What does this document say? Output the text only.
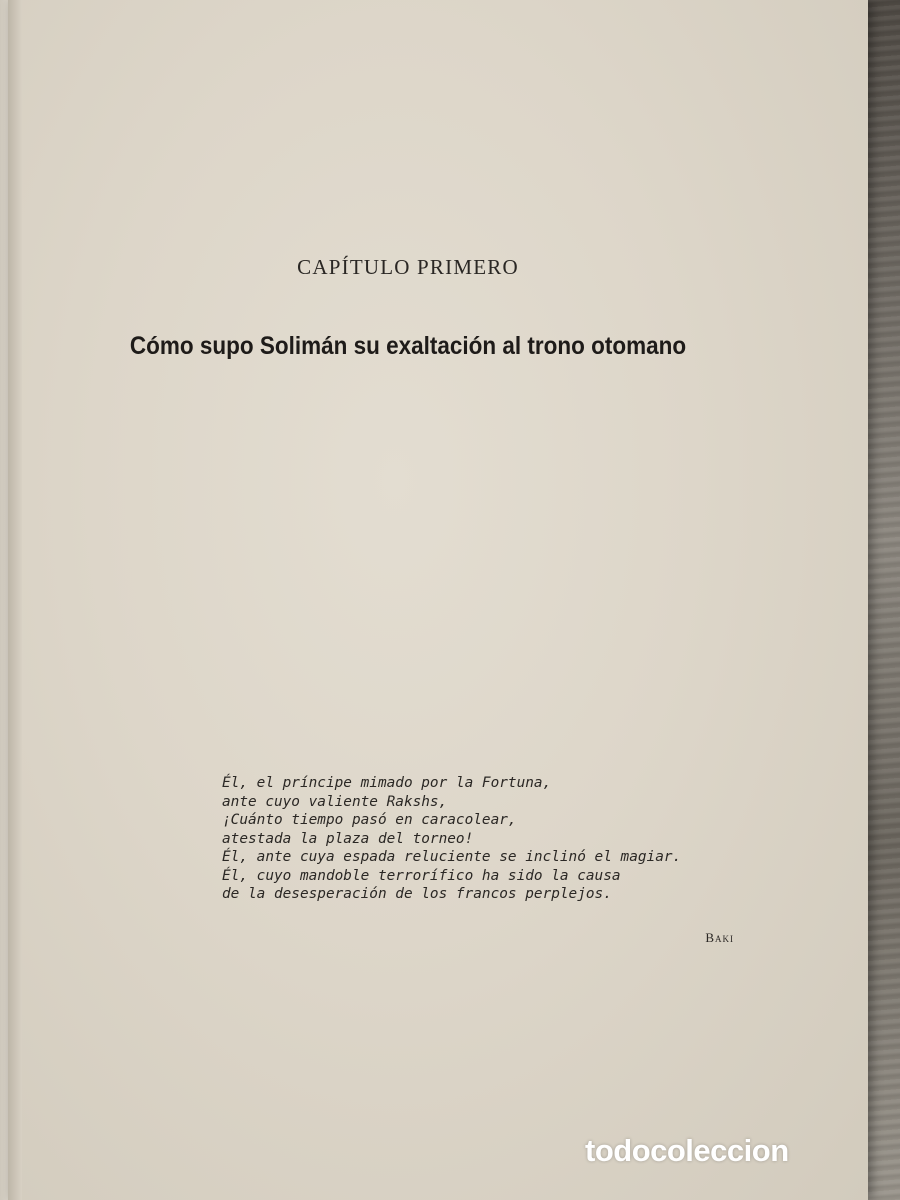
CAPÍTULO PRIMERO
Cómo supo Solimán su exaltación al trono otomano
Él, el príncipe mimado por la Fortuna,
ante cuyo valiente Rakshs,
¡Cuánto tiempo pasó en caracolear,
atestada la plaza del torneo!
Él, ante cuya espada reluciente se inclinó el magiar.
Él, cuyo mandoble terrorífico ha sido la causa
de la desesperación de los francos perplejos.
Baki
todocoleccion
